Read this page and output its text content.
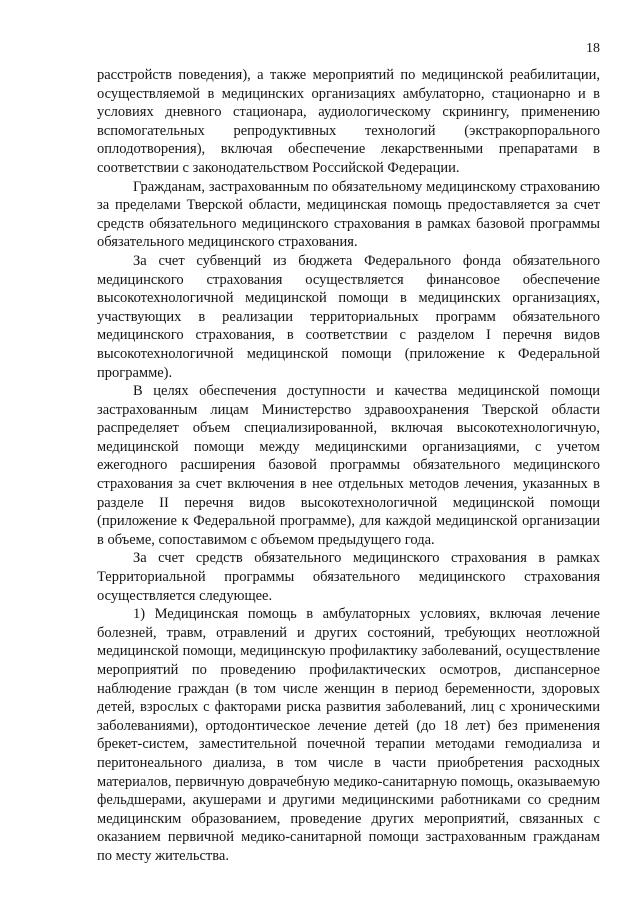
18

расстройств поведения), а также мероприятий по медицинской реабилитации, осуществляемой в медицинских организациях амбулаторно, стационарно и в условиях дневного стационара, аудиологическому скринингу, применению вспомогательных репродуктивных технологий (экстракорпорального оплодотворения), включая обеспечение лекарственными препаратами в соответствии с законодательством Российской Федерации.

Гражданам, застрахованным по обязательному медицинскому страхованию за пределами Тверской области, медицинская помощь предоставляется за счет средств обязательного медицинского страхования в рамках базовой программы обязательного медицинского страхования.

За счет субвенций из бюджета Федерального фонда обязательного медицинского страхования осуществляется финансовое обеспечение высокотехнологичной медицинской помощи в медицинских организациях, участвующих в реализации территориальных программ обязательного медицинского страхования, в соответствии с разделом I перечня видов высокотехнологичной медицинской помощи (приложение к Федеральной программе).

В целях обеспечения доступности и качества медицинской помощи застрахованным лицам Министерство здравоохранения Тверской области распределяет объем специализированной, включая высокотехнологичную, медицинской помощи между медицинскими организациями, с учетом ежегодного расширения базовой программы обязательного медицинского страхования за счет включения в нее отдельных методов лечения, указанных в разделе II перечня видов высокотехнологичной медицинской помощи (приложение к Федеральной программе), для каждой медицинской организации в объеме, сопоставимом с объемом предыдущего года.

За счет средств обязательного медицинского страхования в рамках Территориальной программы обязательного медицинского страхования осуществляется следующее.

1) Медицинская помощь в амбулаторных условиях, включая лечение болезней, травм, отравлений и других состояний, требующих неотложной медицинской помощи, медицинскую профилактику заболеваний, осуществление мероприятий по проведению профилактических осмотров, диспансерное наблюдение граждан (в том числе женщин в период беременности, здоровых детей, взрослых с факторами риска развития заболеваний, лиц с хроническими заболеваниями), ортодонтическое лечение детей (до 18 лет) без применения брекет-систем, заместительной почечной терапии методами гемодиализа и перитонеального диализа, в том числе в части приобретения расходных материалов, первичную доврачебную медико-санитарную помощь, оказываемую фельдшерами, акушерами и другими медицинскими работниками со средним медицинским образованием, проведение других мероприятий, связанных с оказанием первичной медико-санитарной помощи застрахованным гражданам по месту жительства.
